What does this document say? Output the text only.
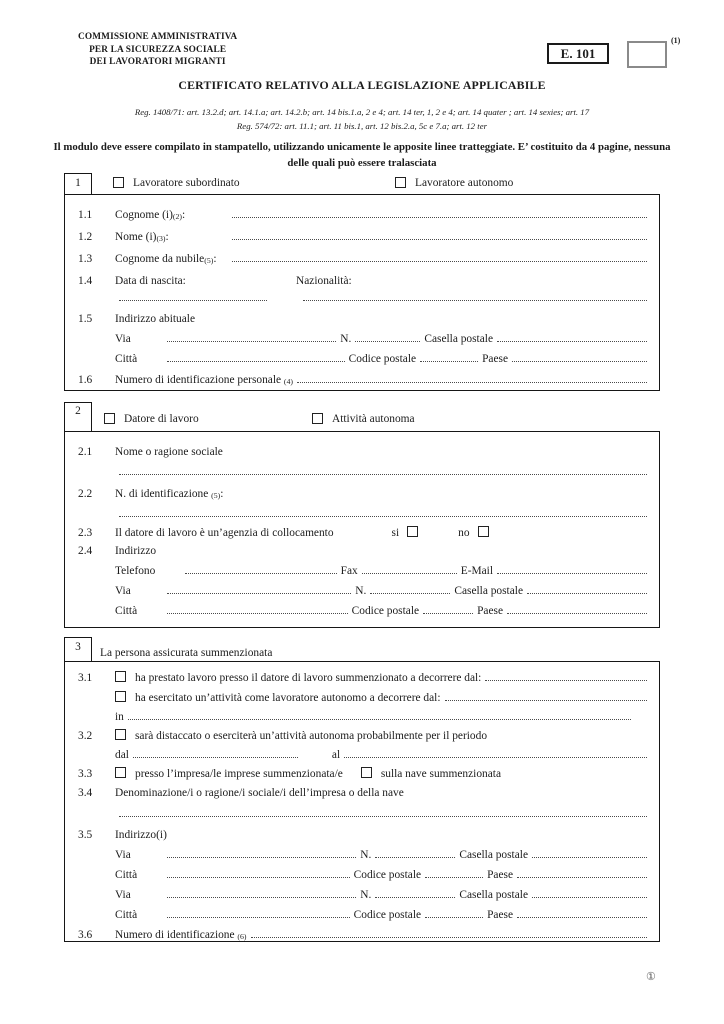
COMMISSIONE AMMINISTRATIVA
PER LA SICUREZZA SOCIALE
DEI LAVORATORI MIGRANTI
E. 101
(1)
CERTIFICATO RELATIVO ALLA LEGISLAZIONE APPLICABILE
Reg. 1408/71: art. 13.2.d; art. 14.1.a; art. 14.2.b; art. 14 bis.1.a, 2 e 4; art. 14 ter, 1, 2 e 4; art. 14 quater ; art. 14 sexies; art. 17
Reg. 574/72: art. 11.1; art. 11 bis.1, art. 12 bis.2.a, 5c e 7.a; art. 12 ter
Il modulo deve essere compilato in stampatello, utilizzando unicamente le apposite linee tratteggiate. E’ costituito da 4 pagine, nessuna delle quali può essere tralasciata
1	Lavoratore subordinato	Lavoratore autonomo
1.1	Cognome (i)(2):
1.2	Nome (i)(3):
1.3	Cognome da nubile(5):
1.4	Data di nascita:	Nazionalità:
1.5	Indirizzo abituale
Via	N.	Casella postale
Città	Codice postale	Paese
1.6	Numero di identificazione personale (4)
2
Datore di lavoro	Attività autonoma
2.1	Nome o ragione sociale
2.2	N. di identificazione (5):
2.3	Il datore di lavoro è un’agenzia di collocamento	si	no
2.4	Indirizzo
Telefono	Fax	E-Mail
Via	N.	Casella postale
Città	Codice postale	Paese
3	La persona assicurata summenzionata
3.1	ha prestato lavoro presso il datore di lavoro summenzionato a decorrere dal:
ha esercitato un’attività come lavoratore autonomo a decorrere dal:
in
3.2	sarà distaccato o eserciterà un’attività autonoma probabilmente per il periodo
dal	al
3.3	presso l’impresa/le imprese summenzionata/e	sulla nave summenzionata
3.4	Denominazione/i o ragione/i sociale/i dell’impresa o della nave
3.5	Indirizzo(i)
Via	N.	Casella postale
Città	Codice postale	Paese
Via	N.	Casella postale
Città	Codice postale	Paese
3.6	Numero di identificazione (6)
①
